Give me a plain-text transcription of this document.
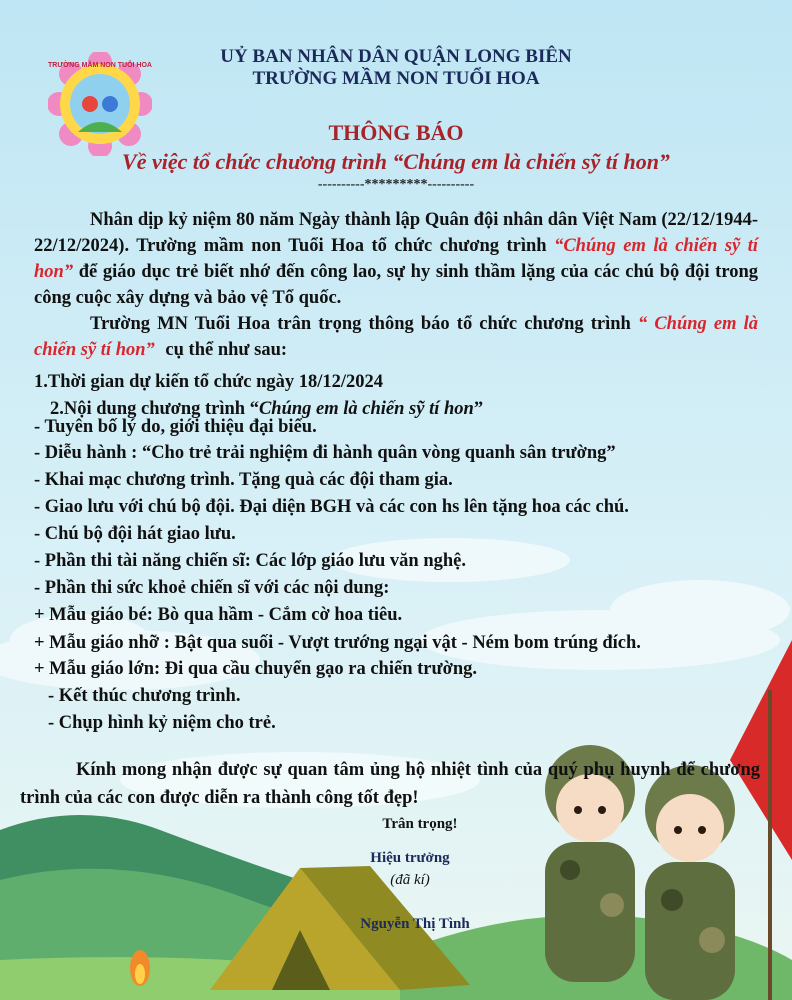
TRƯỜNG MẦM NON TUỔI HOA	UỶ BAN NHÂN DÂN QUẬN LONG BIÊN
TRƯỜNG MẦM NON TUỔI HOA
THÔNG BÁO
Về việc tổ chức chương trình “Chúng em là chiến sỹ tí hon”
----------*********----------
Nhân dịp kỷ niệm 80 năm Ngày thành lập Quân đội nhân dân Việt Nam (22/12/1944-22/12/2024). Trường mầm non Tuổi Hoa tổ chức chương trình “Chúng em là chiến sỹ tí hon” để giáo dục trẻ biết nhớ đến công lao, sự hy sinh thầm lặng của các chú bộ đội trong công cuộc xây dựng và bảo vệ Tổ quốc.
Trường MN Tuổi Hoa trân trọng thông báo tổ chức chương trình “ Chúng em là chiến sỹ tí hon” cụ thể như sau:
1.Thời gian dự kiến tổ chức ngày 18/12/2024
2.Nội dung chương trình “Chúng em là chiến sỹ tí hon”
- Tuyên bố lý do, giới thiệu đại biểu.
- Diễu hành : “Cho trẻ trải nghiệm đi hành quân vòng quanh sân trường”
- Khai mạc chương trình. Tặng quà các đội tham gia.
- Giao lưu với chú bộ đội. Đại diện BGH và các con hs lên tặng hoa các chú.
- Chú bộ đội hát giao lưu.
- Phần thi tài năng chiến sĩ: Các lớp giáo lưu văn nghệ.
- Phần thi sức khoẻ chiến sĩ với các nội dung:
+ Mẫu giáo bé: Bò qua hầm - Cắm cờ hoa tiêu.
+ Mẫu giáo nhỡ : Bật qua suối - Vượt trướng ngại vật - Ném bom trúng đích.
+ Mẫu giáo lớn: Đi qua cầu chuyển gạo ra chiến trường.
- Kết thúc chương trình.
- Chụp hình kỷ niệm cho trẻ.
Kính mong nhận được sự quan tâm ủng hộ nhiệt tình của quý phụ huynh để chương trình của các con được diễn ra thành công tốt đẹp!
Trân trọng!
Hiệu trưởng
(đã kí)
Nguyễn Thị Tình
